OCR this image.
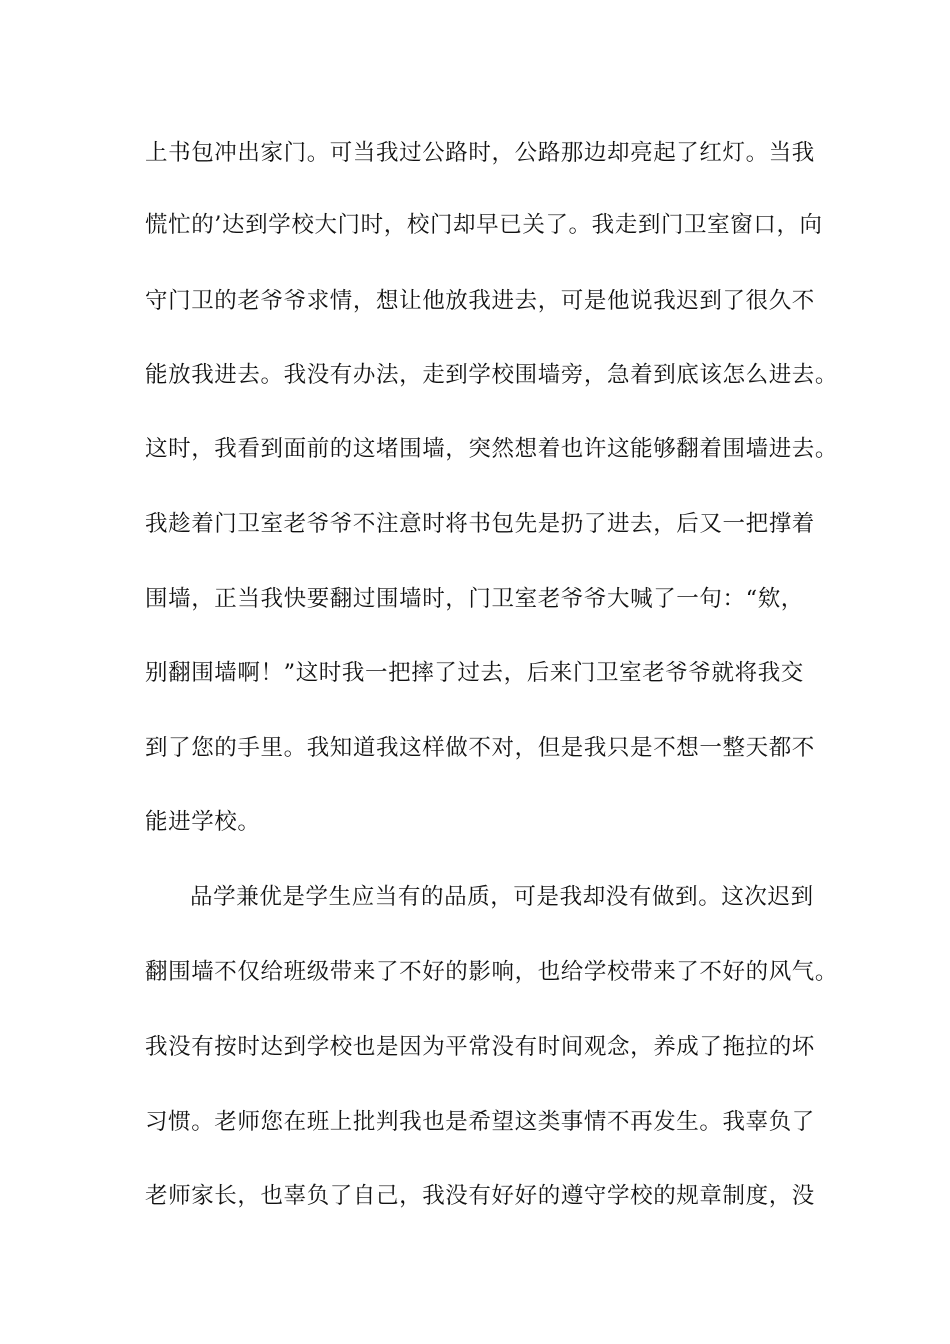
上书包冲出家门。可当我过公路时，公路那边却亮起了红灯。当我
慌忙的’达到学校大门时，校门却早已关了。我走到门卫室窗口，向
守门卫的老爷爷求情，想让他放我进去，可是他说我迟到了很久不
能放我进去。我没有办法，走到学校围墙旁，急着到底该怎么进去。
这时，我看到面前的这堵围墙，突然想着也许这能够翻着围墙进去。
我趁着门卫室老爷爷不注意时将书包先是扔了进去，后又一把撑着
围墙，正当我快要翻过围墙时，门卫室老爷爷大喊了一句：“欸，
别翻围墙啊！”这时我一把摔了过去，后来门卫室老爷爷就将我交
到了您的手里。我知道我这样做不对，但是我只是不想一整天都不
能进学校。
品学兼优是学生应当有的品质，可是我却没有做到。这次迟到
翻围墙不仅给班级带来了不好的影响，也给学校带来了不好的风气。
我没有按时达到学校也是因为平常没有时间观念，养成了拖拉的坏
习惯。老师您在班上批判我也是希望这类事情不再发生。我辜负了
老师家长，也辜负了自己，我没有好好的遵守学校的规章制度，没
